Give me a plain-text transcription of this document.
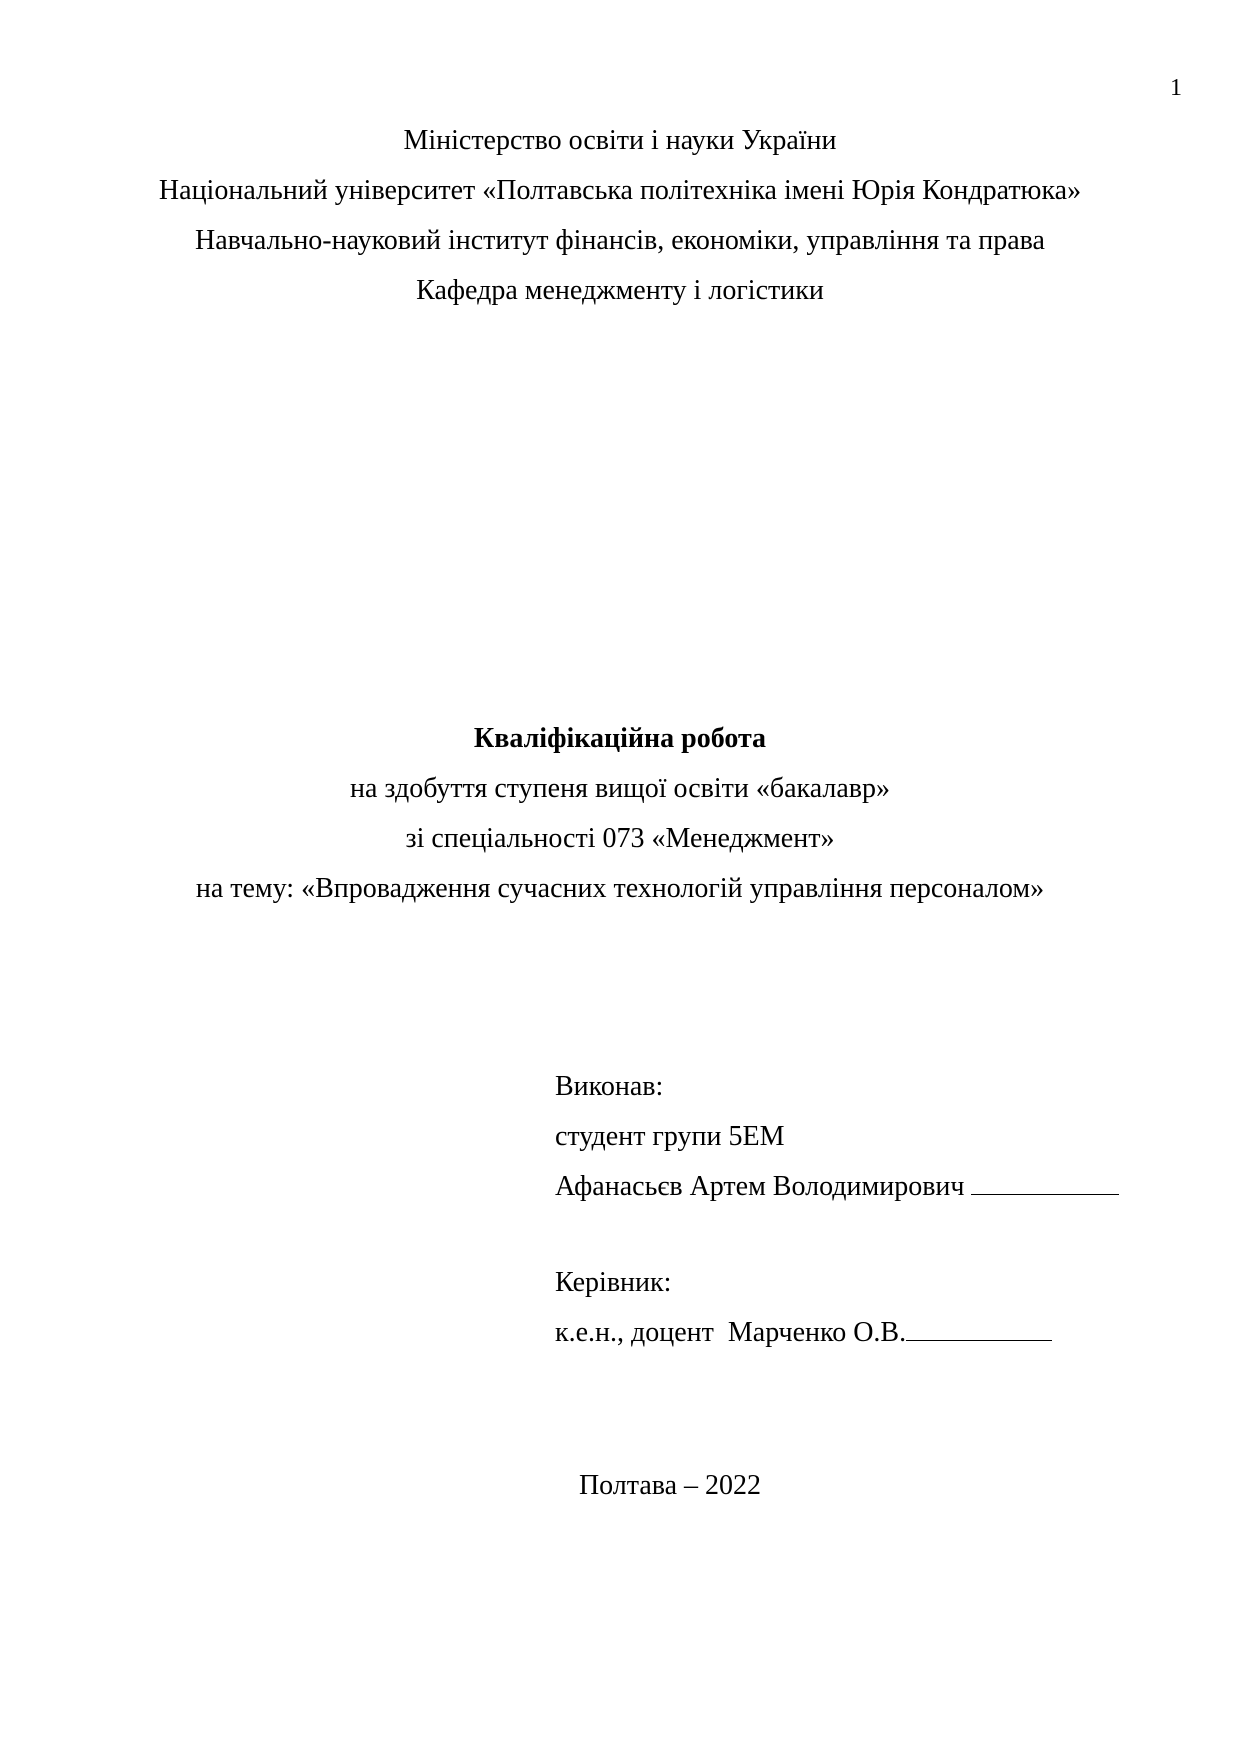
1
Міністерство освіти і науки України
Національний університет «Полтавська політехніка імені Юрія Кондратюка»
Навчально-науковий інститут фінансів, економіки, управління та права
Кафедра менеджменту і логістики
Кваліфікаційна робота
на здобуття ступеня вищої освіти «бакалавр»
зі спеціальності 073 «Менеджмент»
на тему: «Впровадження сучасних технологій управління персоналом»
Виконав:
студент групи 5ЕМ
Афанасьєв Артем Володимирович
Керівник:
к.е.н., доцент  Марченко О.В.
Полтава – 2022
